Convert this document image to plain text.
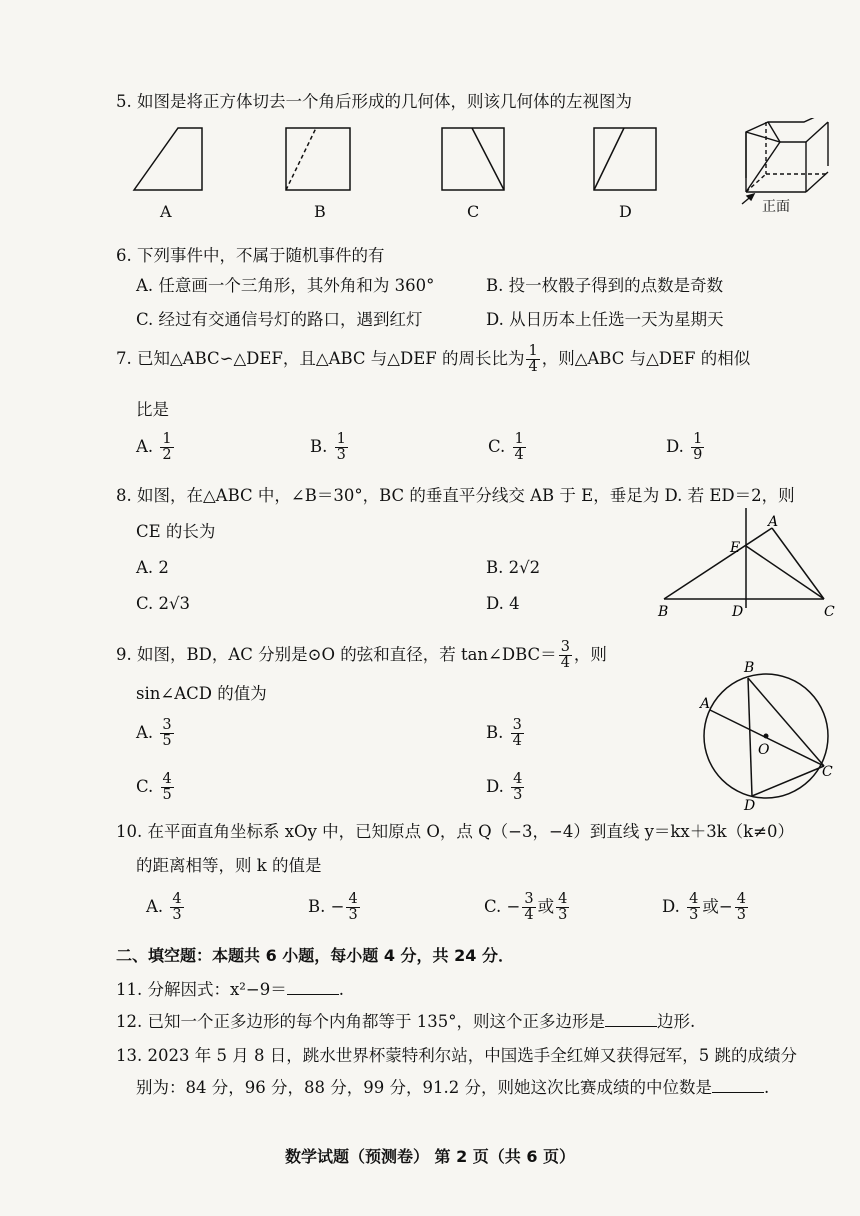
5. 如图是将正方体切去一个角后形成的几何体，则该几何体的左视图为
A	B	C	D	正面
6. 下列事件中，不属于随机事件的有
A. 任意画一个三角形，其外角和为 360°	B. 投一枚骰子得到的点数是奇数
C. 经过有交通信号灯的路口，遇到红灯	D. 从日历本上任选一天为星期天
7. 已知△ABC∽△DEF，且△ABC 与△DEF 的周长比为 $\frac{1}{4}$ ，则△ABC 与△DEF 的相似
比是
A. $\frac{1}{2}$	B. $\frac{1}{3}$	C. $\frac{1}{4}$	D. $\frac{1}{9}$
8. 如图，在△ABC 中，∠B＝30°，BC 的垂直平分线交 AB 于 E，垂足为 D. 若 ED＝2，则
CE 的长为
A. 2	B. 2√2
C. 2√3	D. 4
A
E
B	D	C
9. 如图，BD，AC 分别是⊙O 的弦和直径，若 tan∠DBC＝ $\frac{3}{4}$ ，则
sin∠ACD 的值为
A. $\frac{3}{5}$	B. $\frac{3}{4}$
C. $\frac{4}{5}$	D. $\frac{4}{3}$
B
A
O
C
D
10. 在平面直角坐标系 xOy 中，已知原点 O，点 Q（−3，−4）到直线 y＝kx＋3k（k≠0）
的距离相等，则 k 的值是
A. $\frac{4}{3}$	B. − $\frac{4}{3}$	C. − $\frac{3}{4}$ 或 $\frac{4}{3}$	D. $\frac{4}{3}$ 或− $\frac{4}{3}$
二、填空题：本题共 6 小题，每小题 4 分，共 24 分．
11. 分解因式：x²−9＝	.
12. 已知一个正多边形的每个内角都等于 135°，则这个正多边形是	边形.
13. 2023 年 5 月 8 日，跳水世界杯蒙特利尔站，中国选手全红婵又获得冠军，5 跳的成绩分
别为：84 分，96 分，88 分，99 分，91.2 分，则她这次比赛成绩的中位数是	.
数学试题（预测卷） 第 2 页（共 6 页）
